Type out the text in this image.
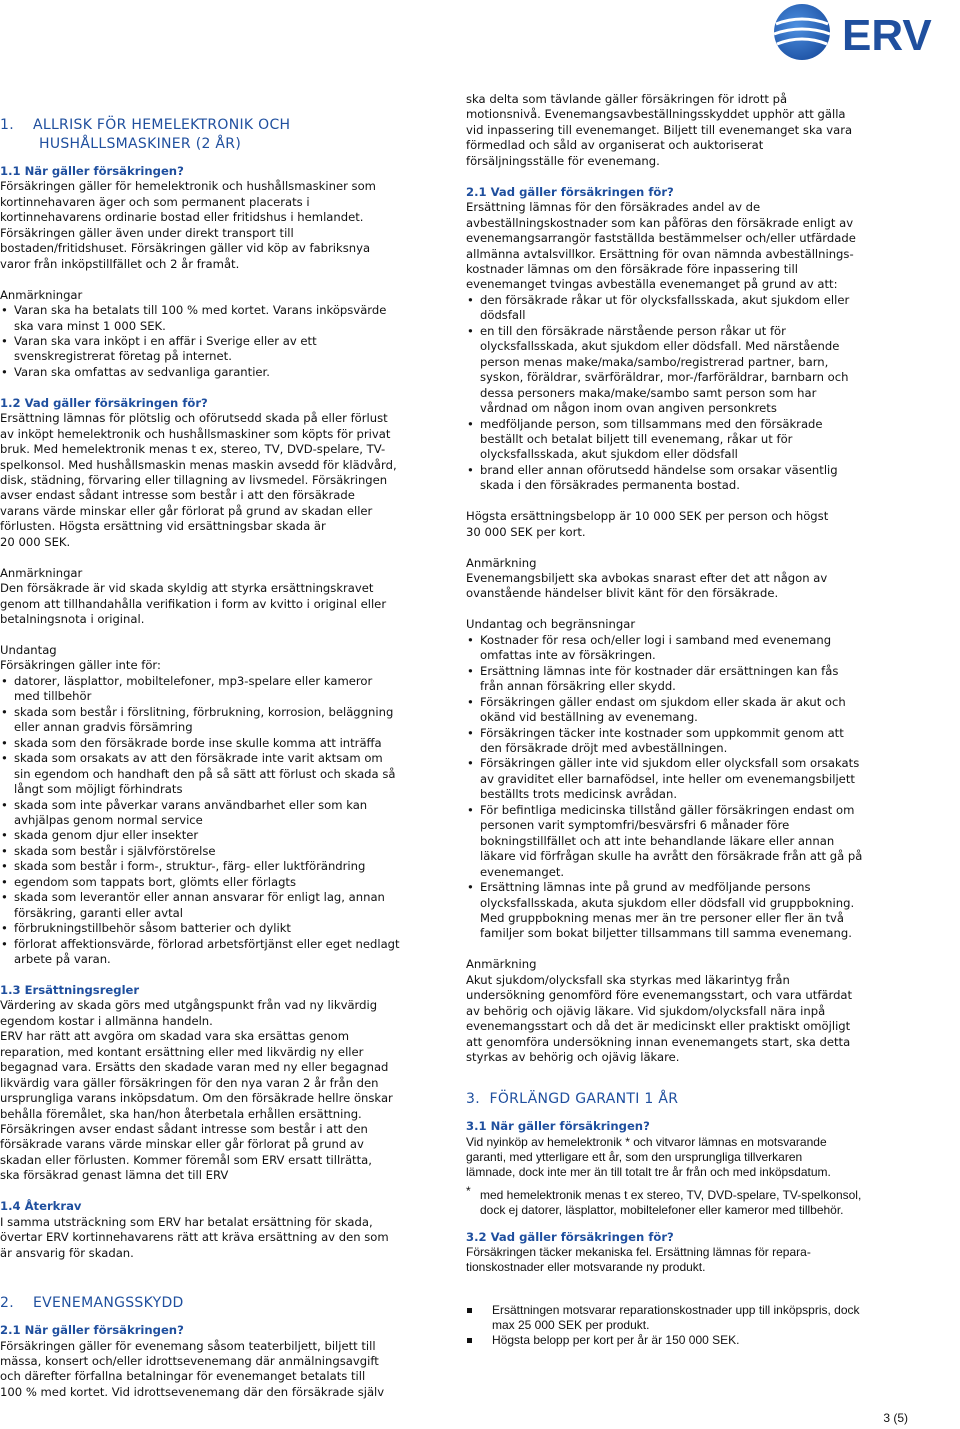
ERV

1. ALLRISK FÖR HEMELEKTRONIK OCH
HUSHÅLLSMASKINER (2 ÅR)

1.1 När gäller försäkringen?

Försäkringen gäller för hemelektronik och hushållsmaskiner som
kortinnehavaren äger och som permanent placerats i
kortinnehavarens ordinarie bostad eller fritidshus i hemlandet.
Försäkringen gäller även under direkt transport till
bostaden/fritidshuset. Försäkringen gäller vid köp av fabriksnya
varor från inköpstillfället och 2 år framåt.

Anmärkningar

• Varan ska ha betalats till 100 % med kortet. Varans inköpsvärde
ska vara minst 1 000 SEK.
• Varan ska vara inköpt i en affär i Sverige eller av ett
svenskregistrerat företag på internet.
• Varan ska omfattas av sedvanliga garantier.

1.2 Vad gäller försäkringen för?

Ersättning lämnas för plötslig och oförutsedd skada på eller förlust
av inköpt hemelektronik och hushållsmaskiner som köpts för privat
bruk. Med hemelektronik menas t ex, stereo, TV, DVD-spelare, TV-
spelkonsol. Med hushållsmaskin menas maskin avsedd för klädvård,
disk, städning, förvaring eller tillagning av livsmedel. Försäkringen
avser endast sådant intresse som består i att den försäkrade
varans värde minskar eller går förlorat på grund av skadan eller
förlusten. Högsta ersättning vid ersättningsbar skada är
20 000 SEK.

Anmärkningar

Den försäkrade är vid skada skyldig att styrka ersättningskravet
genom att tillhandahålla verifikation i form av kvitto i original eller
betalningsnota i original.

Undantag

Försäkringen gäller inte för:

• datorer, läsplattor, mobiltelefoner, mp3-spelare eller kameror
med tillbehör
• skada som består i förslitning, förbrukning, korrosion, beläggning
eller annan gradvis försämring
• skada som den försäkrade borde inse skulle komma att inträffa
• skada som orsakats av att den försäkrade inte varit aktsam om
sin egendom och handhaft den på så sätt att förlust och skada så
långt som möjligt förhindrats
• skada som inte påverkar varans användbarhet eller som kan
avhjälpas genom normal service
• skada genom djur eller insekter
• skada som består i självförstörelse
• skada som består i form-, struktur-, färg- eller luktförändring
• egendom som tappats bort, glömts eller förlagts
• skada som leverantör eller annan ansvarar för enligt lag, annan
försäkring, garanti eller avtal
• förbrukningstillbehör såsom batterier och dylikt
• förlorat affektionsvärde, förlorad arbetsförtjänst eller eget nedlagt
arbete på varan.

1.3 Ersättningsregler

Värdering av skada görs med utgångspunkt från vad ny likvärdig
egendom kostar i allmänna handeln.
ERV har rätt att avgöra om skadad vara ska ersättas genom
reparation, med kontant ersättning eller med likvärdig ny eller
begagnad vara. Ersätts den skadade varan med ny eller begagnad
likvärdig vara gäller försäkringen för den nya varan 2 år från den
ursprungliga varans inköpsdatum. Om den försäkrade hellre önskar
behålla föremålet, ska han/hon återbetala erhållen ersättning.
Försäkringen avser endast sådant intresse som består i att den
försäkrade varans värde minskar eller går förlorat på grund av
skadan eller förlusten. Kommer föremål som ERV ersatt tillrätta,
ska försäkrad genast lämna det till ERV

1.4 Återkrav

I samma utsträckning som ERV har betalat ersättning för skada,
övertar ERV kortinnehavarens rätt att kräva ersättning av den som
är ansvarig för skadan.

2. EVENEMANGSSKYDD

2.1 När gäller försäkringen?

Försäkringen gäller för evenemang såsom teaterbiljett, biljett till
mässa, konsert och/eller idrottsevenemang där anmälningsavgift
och därefter förfallna betalningar för evenemanget betalats till
100 % med kortet. Vid idrottsevenemang där den försäkrade själv

ska delta som tävlande gäller försäkringen för idrott på
motionsnivå. Evenemangsavbeställningsskyddet upphör att gälla
vid inpassering till evenemanget. Biljett till evenemanget ska vara
förmedlad och såld av organiserat och auktoriserat
försäljningsställe för evenemang.

2.1 Vad gäller försäkringen för?

Ersättning lämnas för den försäkrades andel av de
avbeställningskostnader som kan påföras den försäkrade enligt av
evenemangsarrangör fastställda bestämmelser och/eller utfärdade
allmänna avtalsvillkor. Ersättning för ovan nämnda avbeställnings-
kostnader lämnas om den försäkrade före inpassering till
evenemanget tvingas avbeställa evenemanget på grund av att:

• den försäkrade råkar ut för olycksfallsskada, akut sjukdom eller
dödsfall
• en till den försäkrade närstående person råkar ut för
olycksfallsskada, akut sjukdom eller dödsfall. Med närstående
person menas make/maka/sambo/registrerad partner, barn,
syskon, föräldrar, svärföräldrar, mor-/farföräldrar, barnbarn och
dessa personers maka/make/sambo samt person som har
vårdnad om någon inom ovan angiven personkrets
• medföljande person, som tillsammans med den försäkrade
beställt och betalat biljett till evenemang, råkar ut för
olycksfallsskada, akut sjukdom eller dödsfall
• brand eller annan oförutsedd händelse som orsakar väsentlig
skada i den försäkrades permanenta bostad.

Högsta ersättningsbelopp är 10 000 SEK per person och högst
30 000 SEK per kort.

Anmärkning

Evenemangsbiljett ska avbokas snarast efter det att någon av
ovanstående händelser blivit känt för den försäkrade.

Undantag och begränsningar

• Kostnader för resa och/eller logi i samband med evenemang
omfattas inte av försäkringen.
• Ersättning lämnas inte för kostnader där ersättningen kan fås
från annan försäkring eller skydd.
• Försäkringen gäller endast om sjukdom eller skada är akut och
okänd vid beställning av evenemang.
• Försäkringen täcker inte kostnader som uppkommit genom att
den försäkrade dröjt med avbeställningen.
• Försäkringen gäller inte vid sjukdom eller olycksfall som orsakats
av graviditet eller barnafödsel, inte heller om evenemangsbiljett
beställts trots medicinsk avrådan.
• För befintliga medicinska tillstånd gäller försäkringen endast om
personen varit symptomfri/besvärsfri 6 månader före
bokningstillfället och att inte behandlande läkare eller annan
läkare vid förfrågan skulle ha avrått den försäkrade från att gå på
evenemanget.
• Ersättning lämnas inte på grund av medföljande persons
olycksfallsskada, akuta sjukdom eller dödsfall vid gruppbokning.
Med gruppbokning menas mer än tre personer eller fler än två
familjer som bokat biljetter tillsammans till samma evenemang.

Anmärkning

Akut sjukdom/olycksfall ska styrkas med läkarintyg från
undersökning genomförd före evenemangsstart, och vara utfärdat
av behörig och ojävig läkare. Vid sjukdom/olycksfall nära inpå
evenemangsstart och då det är medicinskt eller praktiskt omöjligt
att genomföra undersökning innan evenemangets start, ska detta
styrkas av behörig och ojävig läkare.

3. FÖRLÄNGD GARANTI 1 ÅR

3.1 När gäller försäkringen?

Vid nyinköp av hemelektronik * och vitvaror lämnas en motsvarande
garanti, med ytterligare ett år, som den ursprungliga tillverkaren
lämnade, dock inte mer än till totalt tre år från och med inköpsdatum.

* med hemelektronik menas t ex stereo, TV, DVD-spelare, TV-spelkonsol,
dock ej datorer, läsplattor, mobiltelefoner eller kameror med tillbehör.

3.2 Vad gäller försäkringen för?

Försäkringen täcker mekaniska fel. Ersättning lämnas för repara-
tionskostnader eller motsvarande ny produkt.

Ersättningen motsvarar reparationskostnader upp till inköpspris, dock
max 25 000 SEK per produkt.
Högsta belopp per kort per år är 150 000 SEK.
3 (5)
